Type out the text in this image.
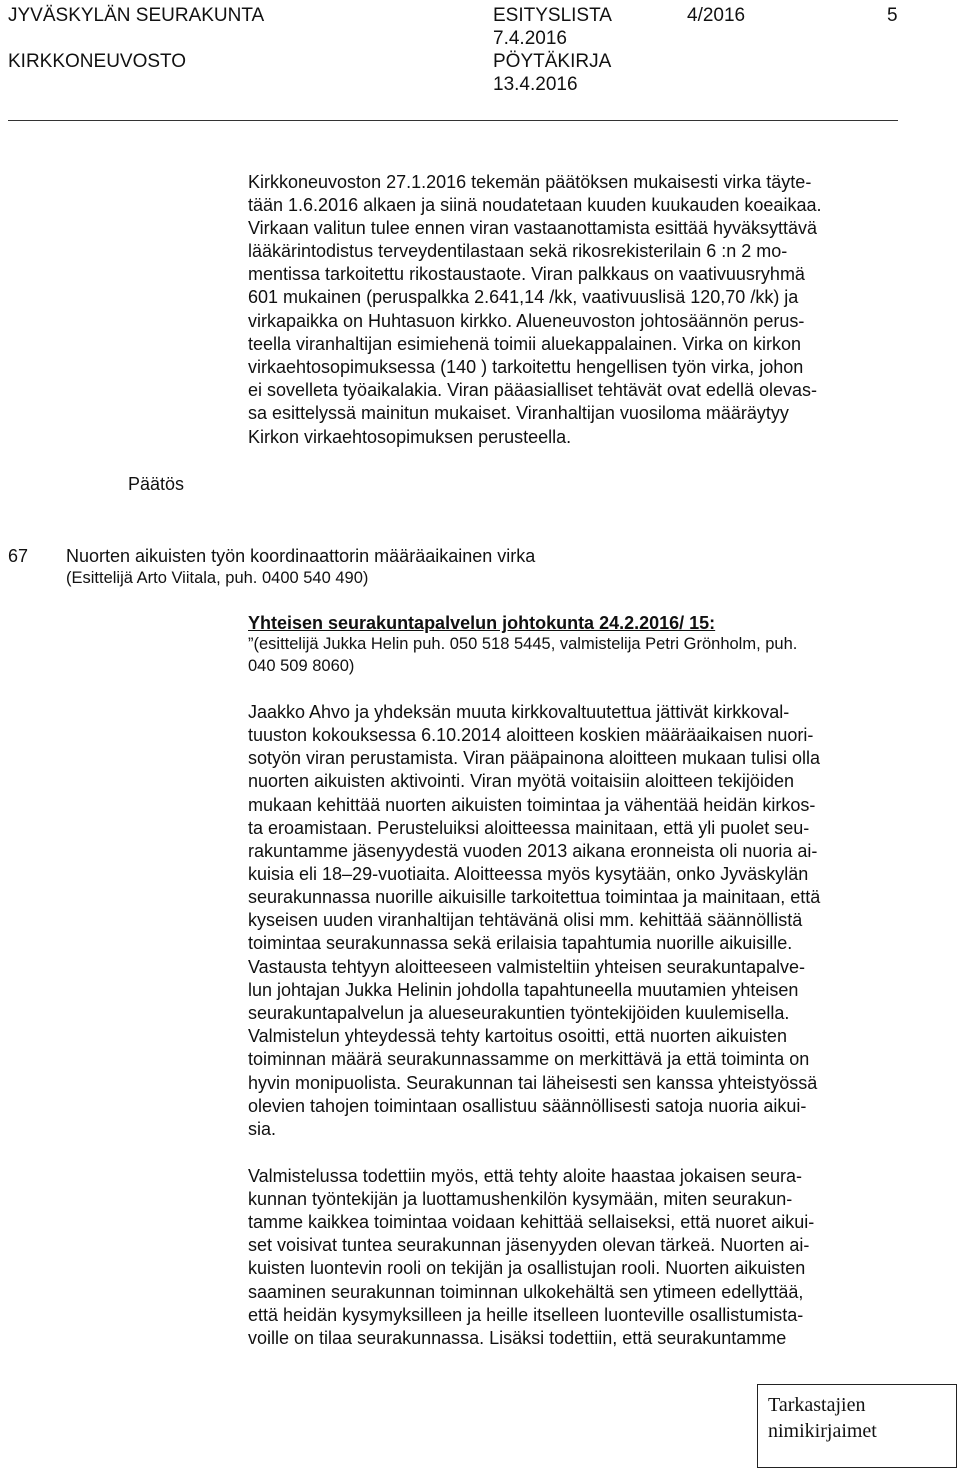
JYVÄSKYLÄN SEURAKUNTA
KIRKKONEUVOSTO
ESITYSLISTA
7.4.2016
PÖYTÄKIRJA
13.4.2016
4/2016	5
Kirkkoneuvoston 27.1.2016 tekemän päätöksen mukaisesti virka täyte-
tään 1.6.2016 alkaen ja siinä noudatetaan kuuden kuukauden koeaikaa.
Virkaan valitun tulee ennen viran vastaanottamista esittää hyväksyttävä
lääkärintodistus terveydentilastaan sekä rikosrekisterilain 6 :n 2 mo-
mentissa tarkoitettu rikostaustaote. Viran palkkaus on vaativuusryhmä
601 mukainen (peruspalkka 2.641,14 /kk, vaativuuslisä 120,70 /kk) ja
virkapaikka on Huhtasuon kirkko. Alueneuvoston johtosäännön perus-
teella viranhaltijan esimiehenä toimii aluekappalainen. Virka on kirkon
virkaehtosopimuksessa (140 ) tarkoitettu hengellisen työn virka, johon
ei sovelleta työaikalakia. Viran pääasialliset tehtävät ovat edellä olevas-
sa esittelyssä mainitun mukaiset. Viranhaltijan vuosiloma määräytyy
Kirkon virkaehtosopimuksen perusteella.
Päätös
67 Nuorten aikuisten työn koordinaattorin määräaikainen virka
(Esittelijä Arto Viitala, puh. 0400 540 490)
Yhteisen seurakuntapalvelun johtokunta 24.2.2016/ 15:
”(esittelijä Jukka Helin puh. 050 518 5445, valmistelija Petri Grönholm, puh.
040 509 8060)
Jaakko Ahvo ja yhdeksän muuta kirkkovaltuutettua jättivät kirkkoval-
tuuston kokouksessa 6.10.2014 aloitteen koskien määräaikaisen nuori-
sotyön viran perustamista. Viran pääpainona aloitteen mukaan tulisi olla
nuorten aikuisten aktivointi. Viran myötä voitaisiin aloitteen tekijöiden
mukaan kehittää nuorten aikuisten toimintaa ja vähentää heidän kirkos-
ta eroamistaan. Perusteluiksi aloitteessa mainitaan, että yli puolet seu-
rakuntamme jäsenyydestä vuoden 2013 aikana eronneista oli nuoria ai-
kuisia eli 18–29-vuotiaita. Aloitteessa myös kysytään, onko Jyväskylän
seurakunnassa nuorille aikuisille tarkoitettua toimintaa ja mainitaan, että
kyseisen uuden viranhaltijan tehtävänä olisi mm. kehittää säännöllistä
toimintaa seurakunnassa sekä erilaisia tapahtumia nuorille aikuisille.
Vastausta tehtyyn aloitteeseen valmisteltiin yhteisen seurakuntapalve-
lun johtajan Jukka Helinin johdolla tapahtuneella muutamien yhteisen
seurakuntapalvelun ja alueseurakuntien työntekijöiden kuulemisella.
Valmistelun yhteydessä tehty kartoitus osoitti, että nuorten aikuisten
toiminnan määrä seurakunnassamme on merkittävä ja että toiminta on
hyvin monipuolista. Seurakunnan tai läheisesti sen kanssa yhteistyössä
olevien tahojen toimintaan osallistuu säännöllisesti satoja nuoria aikui-
sia.
Valmistelussa todettiin myös, että tehty aloite haastaa jokaisen seura-
kunnan työntekijän ja luottamushenkilön kysymään, miten seurakun-
tamme kaikkea toimintaa voidaan kehittää sellaiseksi, että nuoret aikui-
set voisivat tuntea seurakunnan jäsenyyden olevan tärkeä. Nuorten ai-
kuisten luontevin rooli on tekijän ja osallistujan rooli. Nuorten aikuisten
saaminen seurakunnan toiminnan ulkokehältä sen ytimeen edellyttää,
että heidän kysymyksilleen ja heille itselleen luonteville osallistumista-
voille on tilaa seurakunnassa. Lisäksi todettiin, että seurakuntamme
Tarkastajien
nimikirjaimet
